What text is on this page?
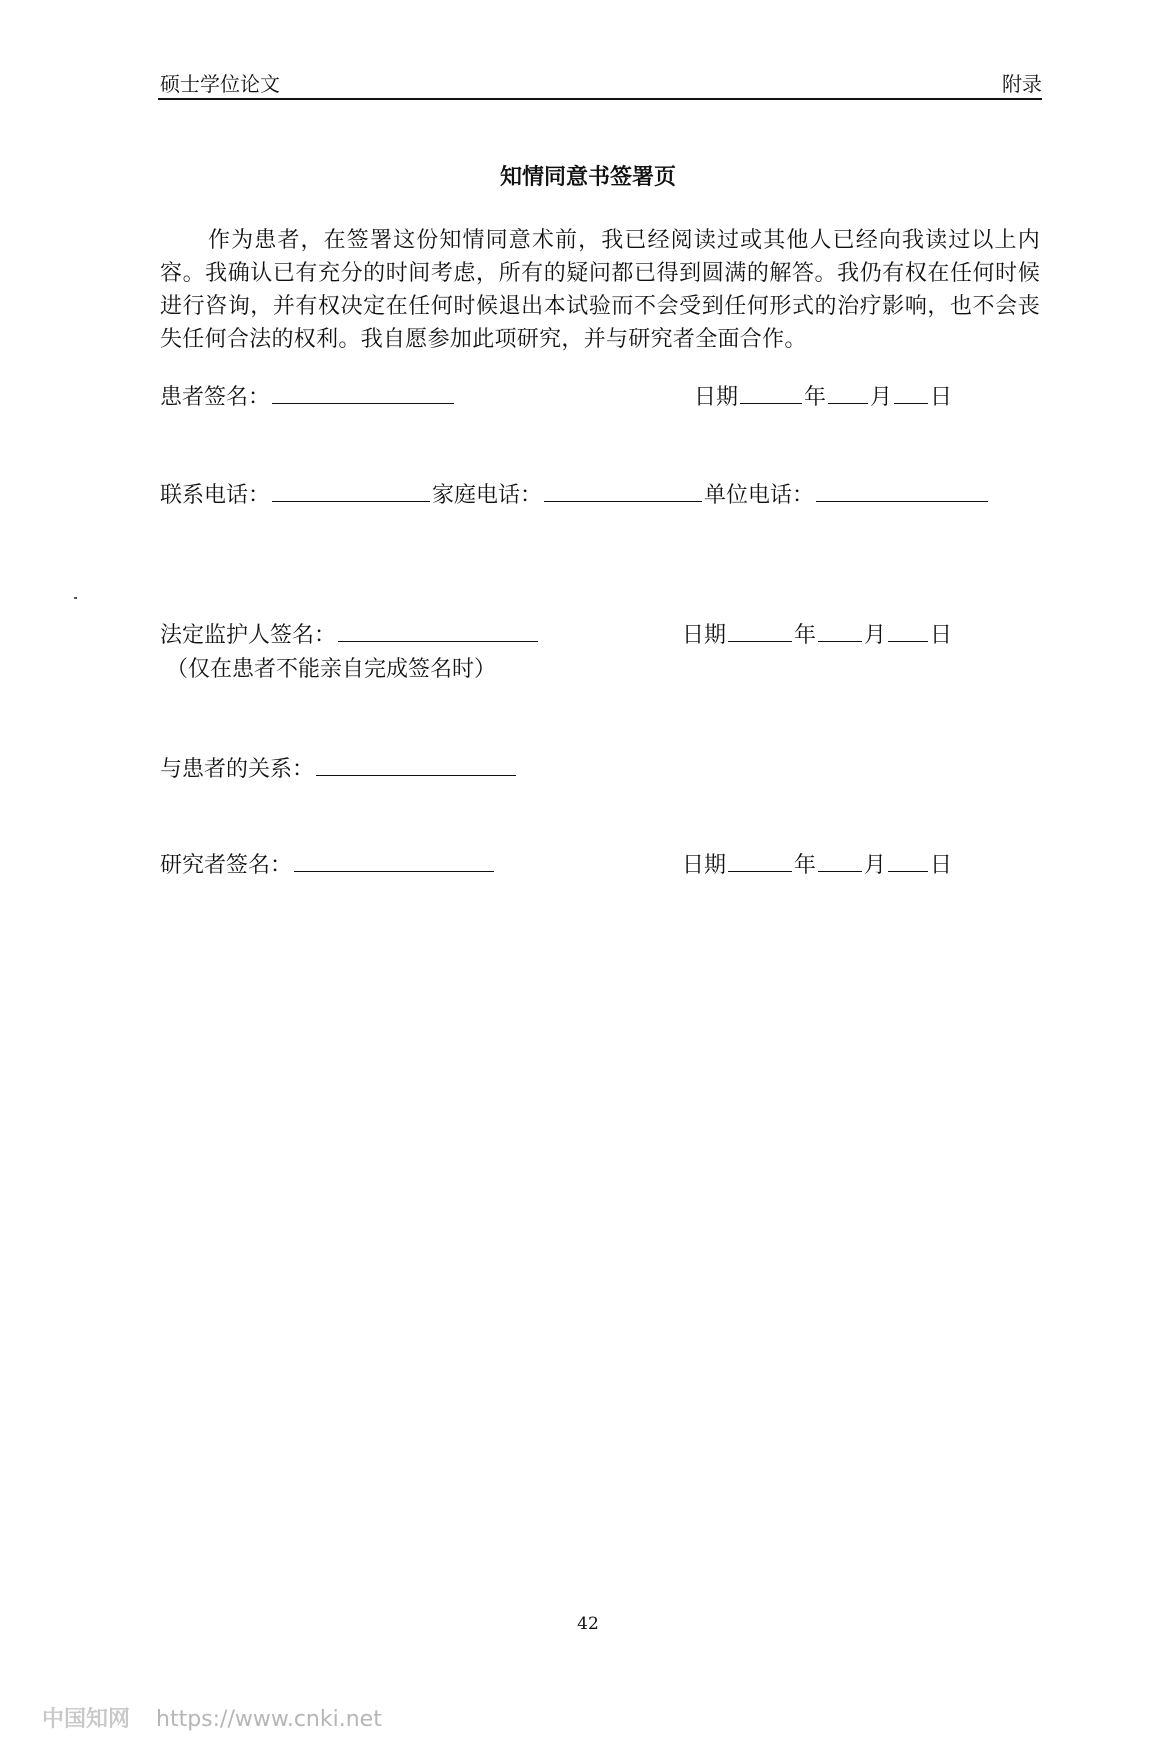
硕士学位论文	附录
知情同意书签署页
作为患者，在签署这份知情同意术前，我已经阅读过或其他人已经向我读过以上内容。我确认已有充分的时间考虑，所有的疑问都已得到圆满的解答。我仍有权在任何时候进行咨询，并有权决定在任何时候退出本试验而不会受到任何形式的治疗影响，也不会丧失任何合法的权利。我自愿参加此项研究，并与研究者全面合作。
患者签名：	日期	年 月 日
联系电话：	家庭电话：	单位电话：
法定监护人签名：	日期	年 月 日
（仅在患者不能亲自完成签名时）
与患者的关系：
研究者签名：	日期	年 月 日
42
中国知网 https://www.cnki.net
